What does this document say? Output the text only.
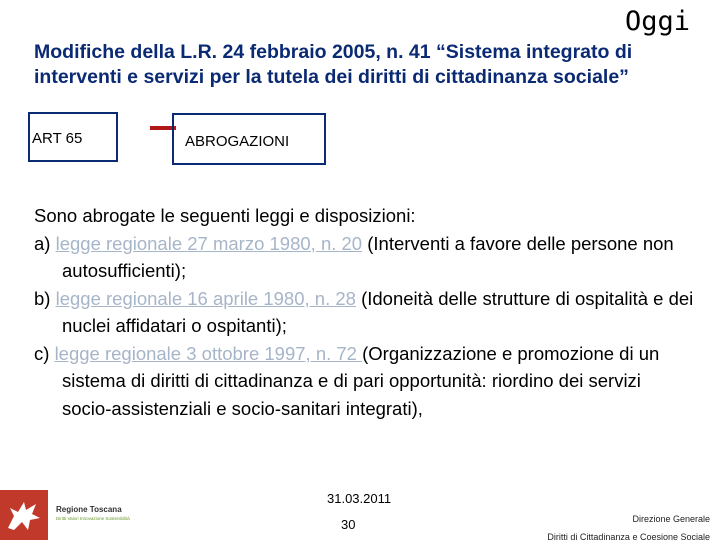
Oggi
Modifiche della L.R. 24 febbraio 2005, n. 41 “Sistema integrato di interventi e servizi per la tutela dei diritti di cittadinanza sociale”
ART 65	ABROGAZIONI

Sono abrogate le seguenti leggi e disposizioni:

a) legge regionale 27 marzo 1980, n. 20 (Interventi a favore delle persone non autosufficienti);

b) legge regionale 16 aprile 1980, n. 28 (Idoneità delle strutture di ospitalità e dei nuclei affidatari o ospitanti);

c) legge regionale 3 ottobre 1997, n. 72 (Organizzazione e promozione di un sistema di diritti di cittadinanza e di pari opportunità: riordino dei servizi socio-assistenziali e socio-sanitari integrati),

Regione Toscana
Diritti Valori Innovazione Sostenibilità
31.03.2011
30	Direzione Generale
Diritti di Cittadinanza e Coesione Sociale
